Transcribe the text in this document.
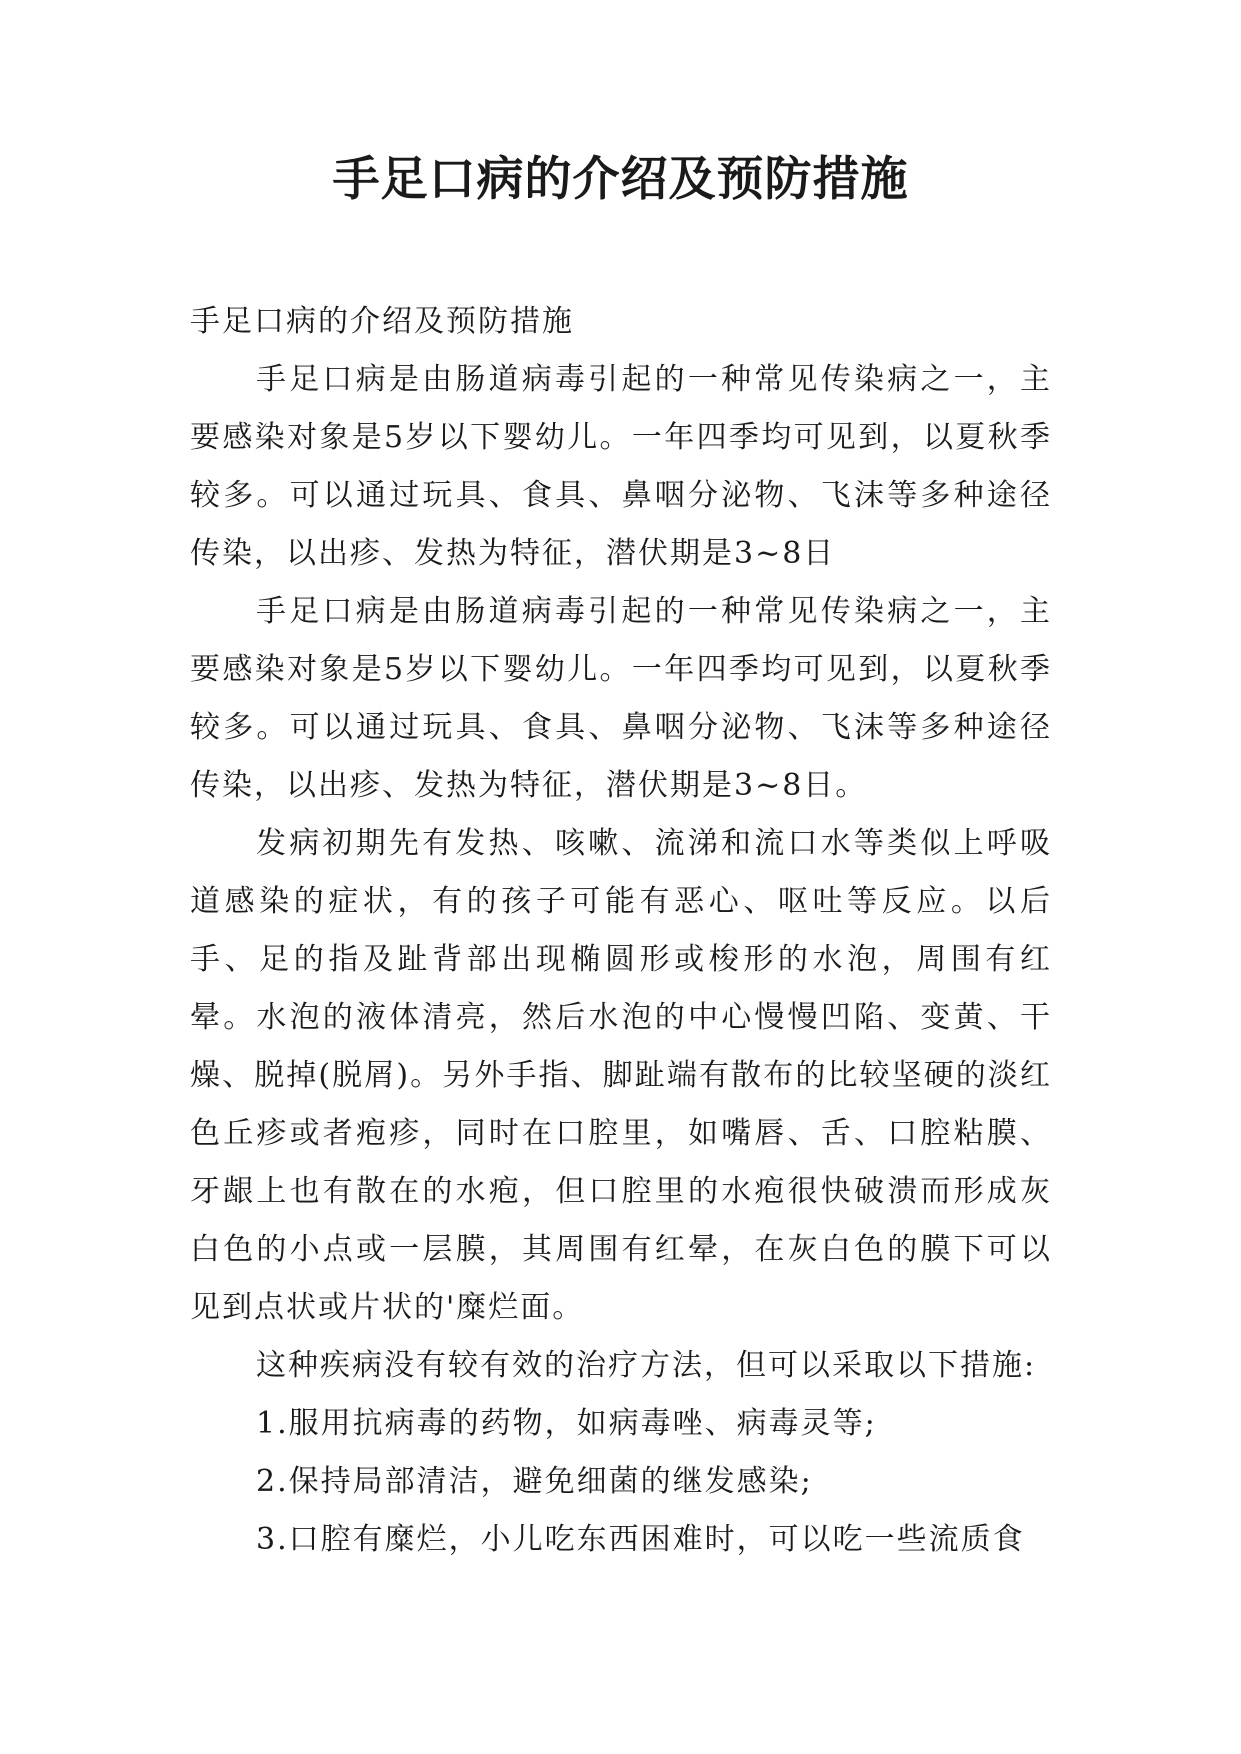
手足口病的介绍及预防措施

手足口病的介绍及预防措施

手足口病是由肠道病毒引起的一种常见传染病之一，主要感染对象是5岁以下婴幼儿。一年四季均可见到，以夏秋季较多。可以通过玩具、食具、鼻咽分泌物、飞沫等多种途径传染，以出疹、发热为特征，潜伏期是3~8日

手足口病是由肠道病毒引起的一种常见传染病之一，主要感染对象是5岁以下婴幼儿。一年四季均可见到，以夏秋季较多。可以通过玩具、食具、鼻咽分泌物、飞沫等多种途径传染，以出疹、发热为特征，潜伏期是3~8日。

发病初期先有发热、咳嗽、流涕和流口水等类似上呼吸道感染的症状，有的孩子可能有恶心、呕吐等反应。以后手、足的指及趾背部出现椭圆形或梭形的水泡，周围有红晕。水泡的液体清亮，然后水泡的中心慢慢凹陷、变黄、干燥、脱掉(脱屑)。另外手指、脚趾端有散布的比较坚硬的淡红色丘疹或者疱疹，同时在口腔里，如嘴唇、舌、口腔粘膜、牙龈上也有散在的水疱，但口腔里的水疱很快破溃而形成灰白色的小点或一层膜，其周围有红晕，在灰白色的膜下可以见到点状或片状的'糜烂面。

这种疾病没有较有效的治疗方法，但可以采取以下措施:

1.服用抗病毒的药物，如病毒唑、病毒灵等;

2.保持局部清洁，避免细菌的继发感染;

3.口腔有糜烂，小儿吃东西困难时，可以吃一些流质食
